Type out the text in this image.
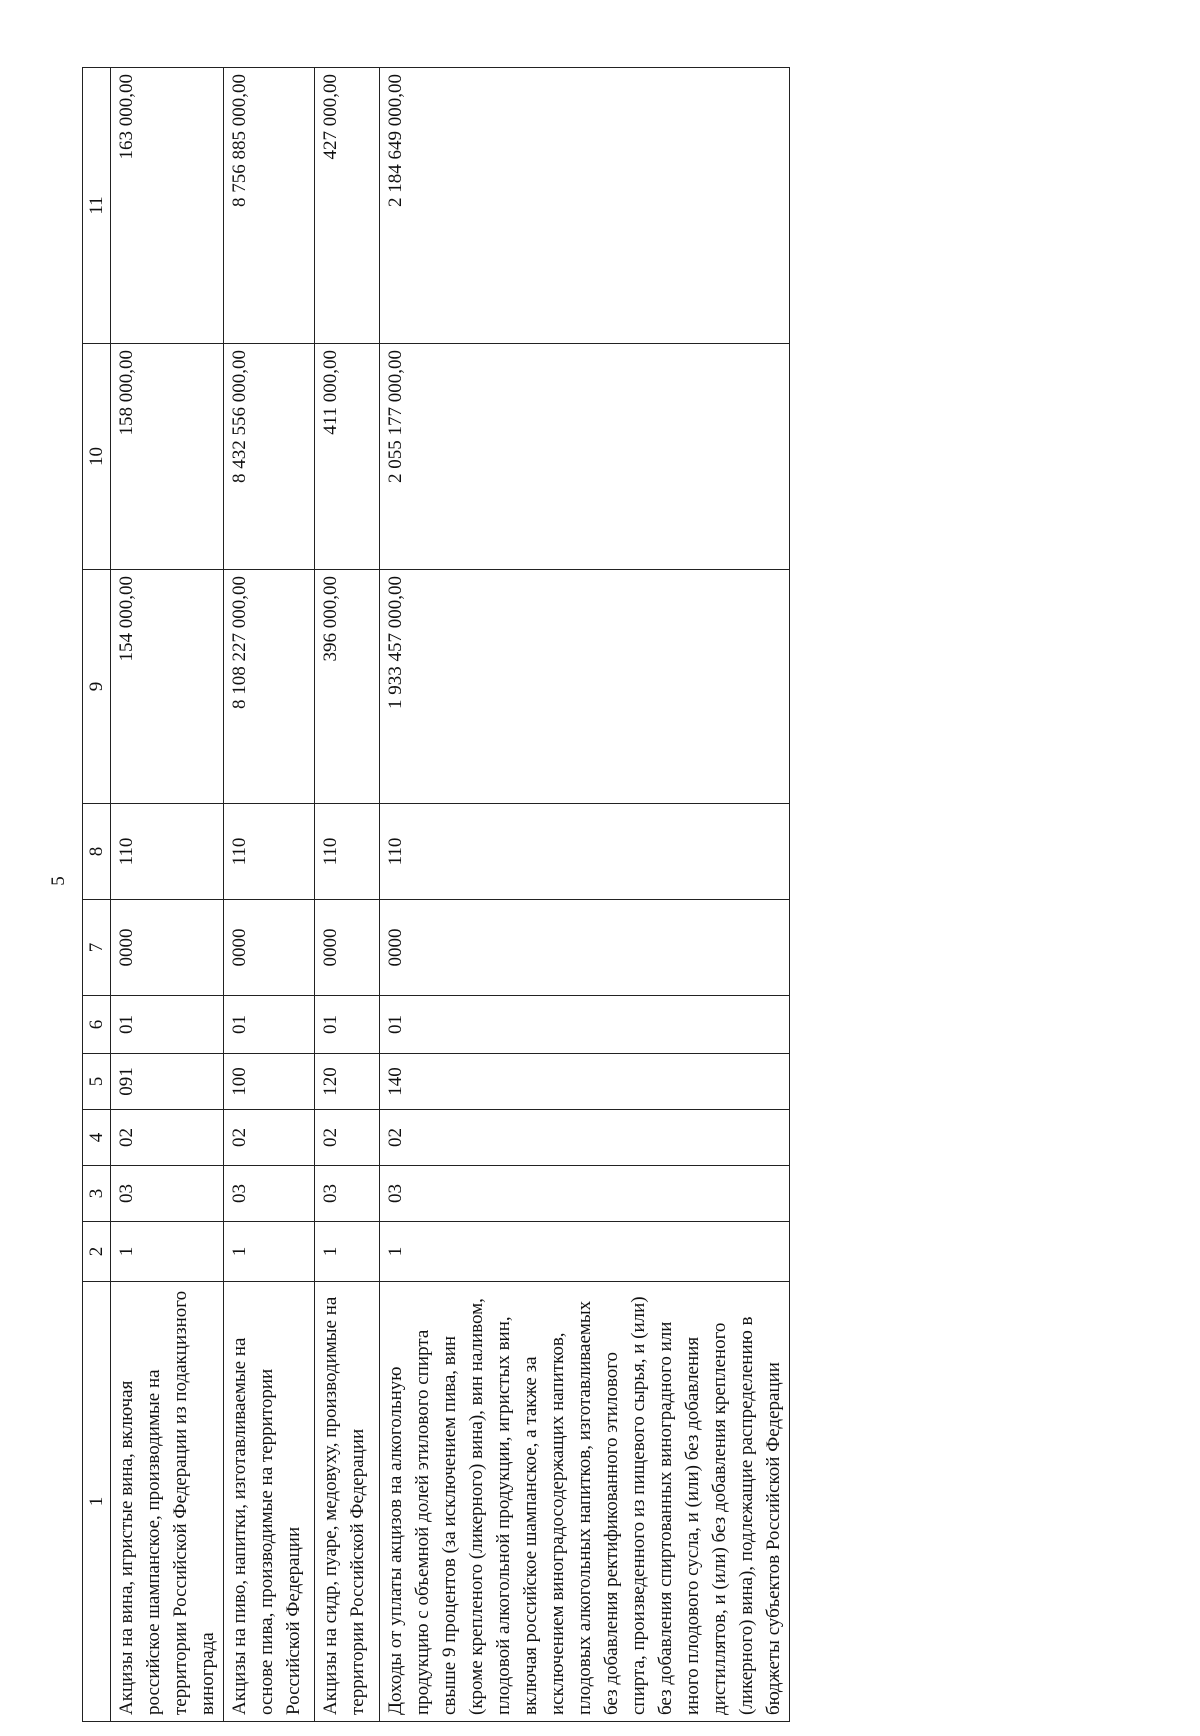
5
1	2	3	4	5	6	7	8	9	10	11
Акцизы на вина, игристые вина, включая российское шампанское, производимые на территории Российской Федерации из подакцизного винограда	1	03	02	091	01	0000	110	154 000,00	158 000,00	163 000,00
Акцизы на пиво, напитки, изготавливаемые на основе пива, производимые на территории Российской Федерации	1	03	02	100	01	0000	110	8 108 227 000,00	8 432 556 000,00	8 756 885 000,00
Акцизы на сидр, пуаре, медовуху, производимые на территории Российской Федерации	1	03	02	120	01	0000	110	396 000,00	411 000,00	427 000,00
Доходы от уплаты акцизов на алкогольную продукцию с объемной долей этилового спирта свыше 9 процентов (за исключением пива, вин (кроме крепленого (ликерного) вина), вин наливом, плодовой алкогольной продукции, игристых вин, включая российское шампанское, а также за исключением виноградосодержащих напитков, плодовых алкогольных напитков, изготавливаемых без добавления ректификованного этилового спирта, произведенного из пищевого сырья, и (или) без добавления спиртованных виноградного или иного плодового сусла, и (или) без добавления дистиллятов, и (или) без добавления крепленого (ликерного) вина), подлежащие распределению в бюджеты субъектов Российской Федерации	1	03	02	140	01	0000	110	1 933 457 000,00	2 055 177 000,00	2 184 649 000,00
